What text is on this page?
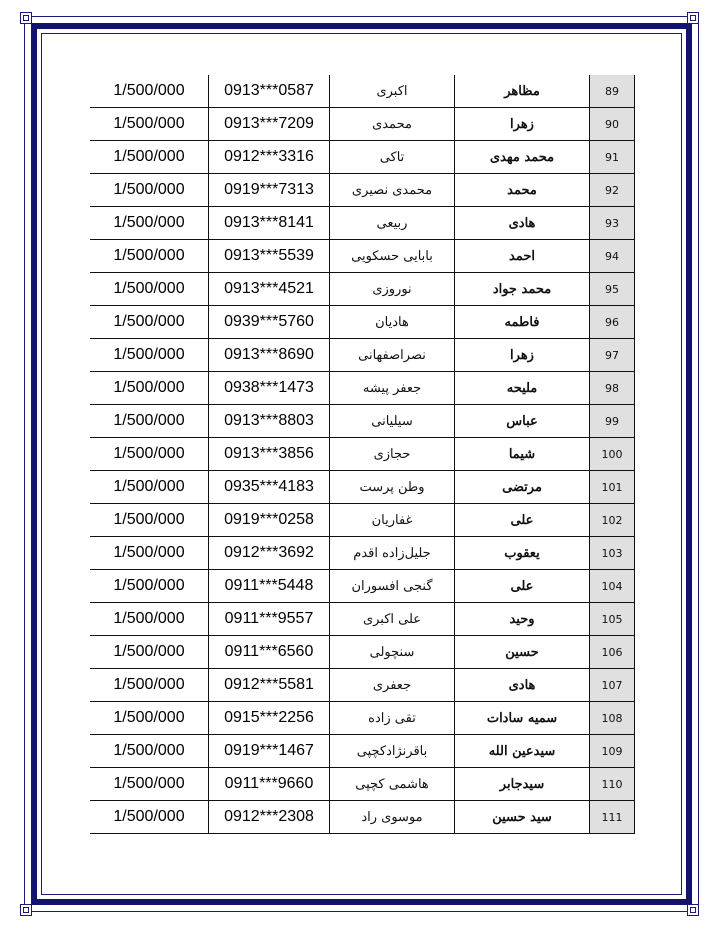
89	مظاهر	اکبری	0913***0587	1/500/000
90	زهرا	محمدی	0913***7209	1/500/000
91	محمد مهدی	تاکی	0912***3316	1/500/000
92	محمد	محمدی نصیری	0919***7313	1/500/000
93	هادی	ربیعی	0913***8141	1/500/000
94	احمد	بابایی حسکویی	0913***5539	1/500/000
95	محمد جواد	نوروزی	0913***4521	1/500/000
96	فاطمه	هادیان	0939***5760	1/500/000
97	زهرا	نصراصفهانی	0913***8690	1/500/000
98	ملیحه	جعفر پیشه	0938***1473	1/500/000
99	عباس	سیلیانی	0913***8803	1/500/000
100	شیما	حجازی	0913***3856	1/500/000
101	مرتضی	وطن پرست	0935***4183	1/500/000
102	علی	غفاریان	0919***0258	1/500/000
103	یعقوب	جلیل‌زاده اقدم	0912***3692	1/500/000
104	علی	گنجی افسوران	0911***5448	1/500/000
105	وحید	علی اکبری	0911***9557	1/500/000
106	حسین	سنچولی	0911***6560	1/500/000
107	هادی	جعفری	0912***5581	1/500/000
108	سمیه سادات	تقی زاده	0915***2256	1/500/000
109	سیدعین الله	باقرنژادکچپی	0919***1467	1/500/000
110	سیدجابر	هاشمی کچپی	0911***9660	1/500/000
111	سید حسین	موسوی راد	0912***2308	1/500/000
